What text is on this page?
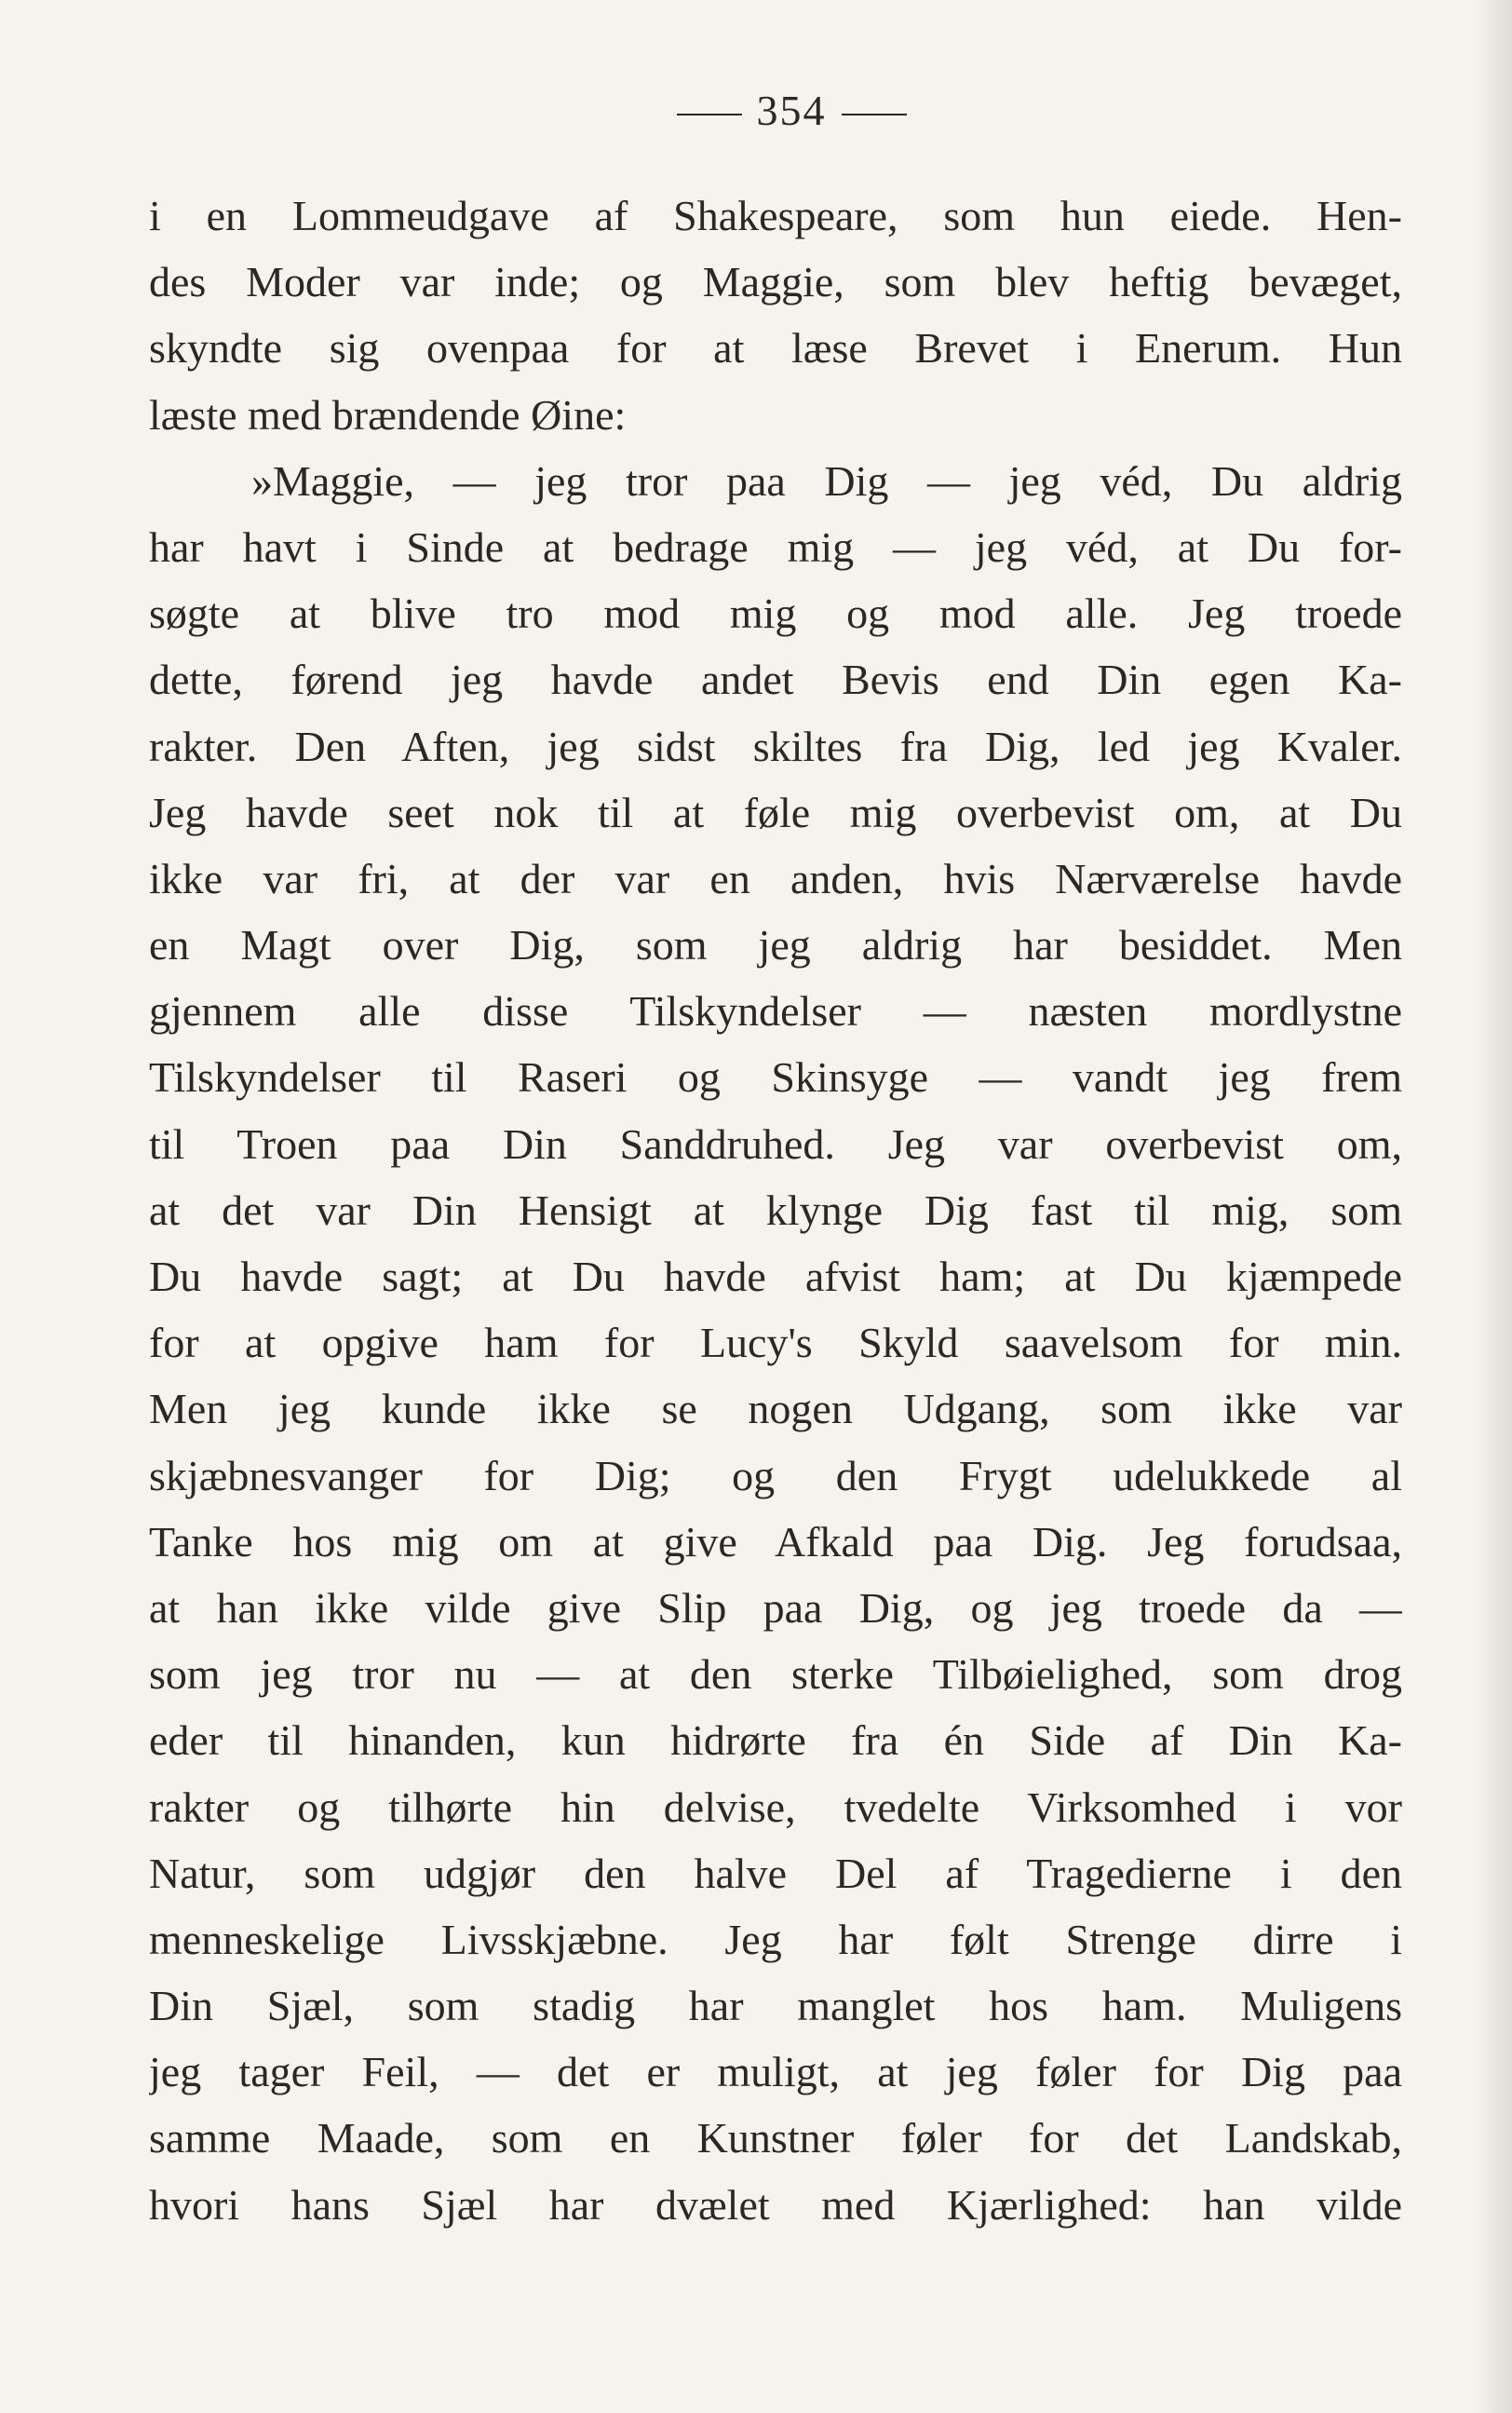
354
i en Lommeudgave af Shakespeare, som hun eiede. Hen-
des Moder var inde; og Maggie, som blev heftig bevæget,
skyndte sig ovenpaa for at læse Brevet i Enerum. Hun
læste med brændende Øine:
»Maggie, — jeg tror paa Dig — jeg véd, Du aldrig
har havt i Sinde at bedrage mig — jeg véd, at Du for-
søgte at blive tro mod mig og mod alle. Jeg troede
dette, førend jeg havde andet Bevis end Din egen Ka-
rakter. Den Aften, jeg sidst skiltes fra Dig, led jeg Kvaler.
Jeg havde seet nok til at føle mig overbevist om, at Du
ikke var fri, at der var en anden, hvis Nærværelse havde
en Magt over Dig, som jeg aldrig har besiddet. Men
gjennem alle disse Tilskyndelser — næsten mordlystne
Tilskyndelser til Raseri og Skinsyge — vandt jeg frem
til Troen paa Din Sanddruhed. Jeg var overbevist om,
at det var Din Hensigt at klynge Dig fast til mig, som
Du havde sagt; at Du havde afvist ham; at Du kjæmpede
for at opgive ham for Lucy's Skyld saavelsom for min.
Men jeg kunde ikke se nogen Udgang, som ikke var
skjæbnesvanger for Dig; og den Frygt udelukkede al
Tanke hos mig om at give Afkald paa Dig. Jeg forudsaa,
at han ikke vilde give Slip paa Dig, og jeg troede da —
som jeg tror nu — at den sterke Tilbøielighed, som drog
eder til hinanden, kun hidrørte fra én Side af Din Ka-
rakter og tilhørte hin delvise, tvedelte Virksomhed i vor
Natur, som udgjør den halve Del af Tragedierne i den
menneskelige Livsskjæbne. Jeg har følt Strenge dirre i
Din Sjæl, som stadig har manglet hos ham. Muligens
jeg tager Feil, — det er muligt, at jeg føler for Dig paa
samme Maade, som en Kunstner føler for det Landskab,
hvori hans Sjæl har dvælet med Kjærlighed: han vilde
